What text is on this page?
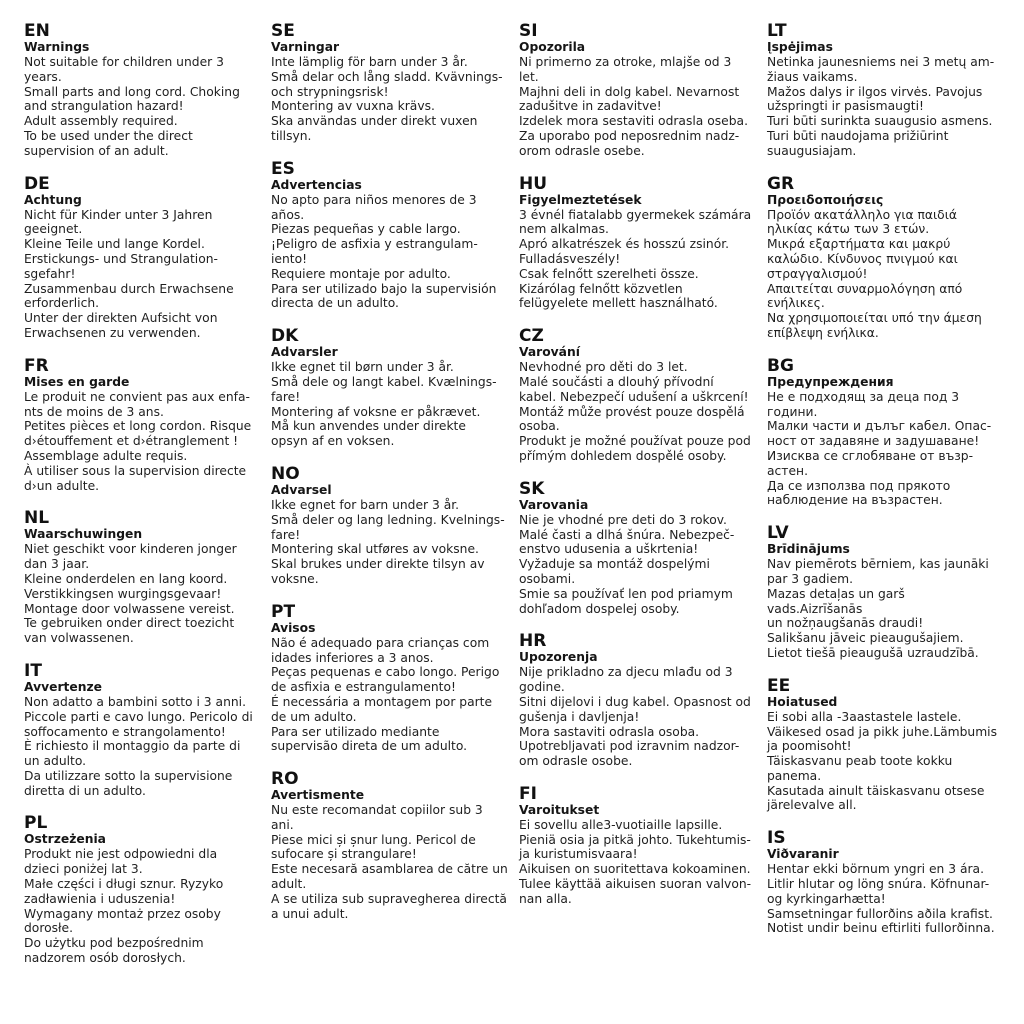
EN
Warnings
Not suitable for children under 3
years.
Small parts and long cord. Choking
and strangulation hazard!
Adult assembly required.
To be used under the direct
supervision of an adult.
DE
Achtung
Nicht für Kinder unter 3 Jahren
geeignet.
Kleine Teile und lange Kordel.
Erstickungs- und Strangulation-
sgefahr!
Zusammenbau durch Erwachsene
erforderlich.
Unter der direkten Aufsicht von
Erwachsenen zu verwenden.
FR
Mises en garde
Le produit ne convient pas aux enfa-
nts de moins de 3 ans.
Petites pièces et long cordon. Risque
d›étouffement et d›étranglement !
Assemblage adulte requis.
À utiliser sous la supervision directe
d›un adulte.
NL
Waarschuwingen
Niet geschikt voor kinderen jonger
dan 3 jaar.
Kleine onderdelen en lang koord.
Verstikkingsen wurgingsgevaar!
Montage door volwassene vereist.
Te gebruiken onder direct toezicht
van volwassenen.
IT
Avvertenze
Non adatto a bambini sotto i 3 anni.
Piccole parti e cavo lungo. Pericolo di
soffocamento e strangolamento!
È richiesto il montaggio da parte di
un adulto.
Da utilizzare sotto la supervisione
diretta di un adulto.
PL
Ostrzeżenia
Produkt nie jest odpowiedni dla
dzieci poniżej lat 3.
Małe części i długi sznur. Ryzyko
zadławienia i uduszenia!
Wymagany montaż przez osoby
dorosłe.
Do użytku pod bezpośrednim
nadzorem osób dorosłych.
SE
Varningar
Inte lämplig för barn under 3 år.
Små delar och lång sladd. Kvävnings-
och strypningsrisk!
Montering av vuxna krävs.
Ska användas under direkt vuxen
tillsyn.
ES
Advertencias
No apto para niños menores de 3
años.
Piezas pequeñas y cable largo.
¡Peligro de asfixia y estrangulam-
iento!
Requiere montaje por adulto.
Para ser utilizado bajo la supervisión
directa de un adulto.
DK
Advarsler
Ikke egnet til børn under 3 år.
Små dele og langt kabel. Kvælnings-
fare!
Montering af voksne er påkrævet.
Må kun anvendes under direkte
opsyn af en voksen.
NO
Advarsel
Ikke egnet for barn under 3 år.
Små deler og lang ledning. Kvelnings-
fare!
Montering skal utføres av voksne.
Skal brukes under direkte tilsyn av
voksne.
PT
Avisos
Não é adequado para crianças com
idades inferiores a 3 anos.
Peças pequenas e cabo longo. Perigo
de asfixia e estrangulamento!
É necessária a montagem por parte
de um adulto.
Para ser utilizado mediante
supervisão direta de um adulto.
RO
Avertismente
Nu este recomandat copiilor sub 3
ani.
Piese mici și șnur lung. Pericol de
sufocare și strangulare!
Este necesară asamblarea de către un
adult.
A se utiliza sub supravegherea directă
a unui adult.
SI
Opozorila
Ni primerno za otroke, mlajše od 3
let.
Majhni deli in dolg kabel. Nevarnost
zadušitve in zadavitve!
Izdelek mora sestaviti odrasla oseba.
Za uporabo pod neposrednim nadz-
orom odrasle osebe.
HU
Figyelmeztetések
3 évnél fiatalabb gyermekek számára
nem alkalmas.
Apró alkatrészek és hosszú zsinór.
Fulladásveszély!
Csak felnőtt szerelheti össze.
Kizárólag felnőtt közvetlen
felügyelete mellett használható.
CZ
Varování
Nevhodné pro děti do 3 let.
Malé součásti a dlouhý přívodní
kabel. Nebezpečí udušení a uškrcení!
Montáž může provést pouze dospělá
osoba.
Produkt je možné používat pouze pod
přímým dohledem dospělé osoby.
SK
Varovania
Nie je vhodné pre deti do 3 rokov.
Malé časti a dlhá šnúra. Nebezpeč-
enstvo udusenia a uškrtenia!
Vyžaduje sa montáž dospelými
osobami.
Smie sa používať len pod priamym
dohľadom dospelej osoby.
HR
Upozorenja
Nije prikladno za djecu mlađu od 3
godine.
Sitni dijelovi i dug kabel. Opasnost od
gušenja i davljenja!
Mora sastaviti odrasla osoba.
Upotrebljavati pod izravnim nadzor-
om odrasle osobe.
FI
Varoitukset
Ei sovellu alle3-vuotiaille lapsille.
Pieniä osia ja pitkä johto. Tukehtumis-
ja kuristumisvaara!
Aikuisen on suoritettava kokoaminen.
Tulee käyttää aikuisen suoran valvon-
nan alla.
LT
Įspėjimas
Netinka jaunesniems nei 3 metų am-
žiaus vaikams.
Mažos dalys ir ilgos virvės. Pavojus
užspringti ir pasismaugti!
Turi būti surinkta suaugusio asmens.
Turi būti naudojama prižiūrint
suaugusiajam.
GR
Προειδοποιήσεις
Προϊόν ακατάλληλο για παιδιά
ηλικίας κάτω των 3 ετών.
Μικρά εξαρτήματα και μακρύ
καλώδιο. Κίνδυνος πνιγμού και
στραγγαλισμού!
Απαιτείται συναρμολόγηση από
ενήλικες.
Να χρησιμοποιείται υπό την άμεση
επίβλεψη ενήλικα.
BG
Предупреждения
Не е подходящ за деца под 3
години.
Малки части и дълъг кабел. Опас-
ност от задавяне и задушаване!
Изисква се сглобяване от възр-
астен.
Да се използва под прякото
наблюдение на възрастен.
LV
Brīdinājums
Nav piemērots bērniem, kas jaunāki
par 3 gadiem.
Mazas detaļas un garš vads.Aizrīšanās
un nožņaugšanās draudi!
Salikšanu jāveic pieaugušajiem.
Lietot tiešā pieaugušā uzraudzībā.
EE
Hoiatused
Ei sobi alla -3aastastele lastele.
Väikesed osad ja pikk juhe.Lämbumis
ja poomisoht!
Täiskasvanu peab toote kokku
panema.
Kasutada ainult täiskasvanu otsese
järelevalve all.
IS
Viðvaranir
Hentar ekki börnum yngri en 3 ára.
Litlir hlutar og löng snúra. Köfnunar-
og kyrkingarhætta!
Samsetningar fullorðins aðila krafist.
Notist undir beinu eftirliti fullorðinna.
